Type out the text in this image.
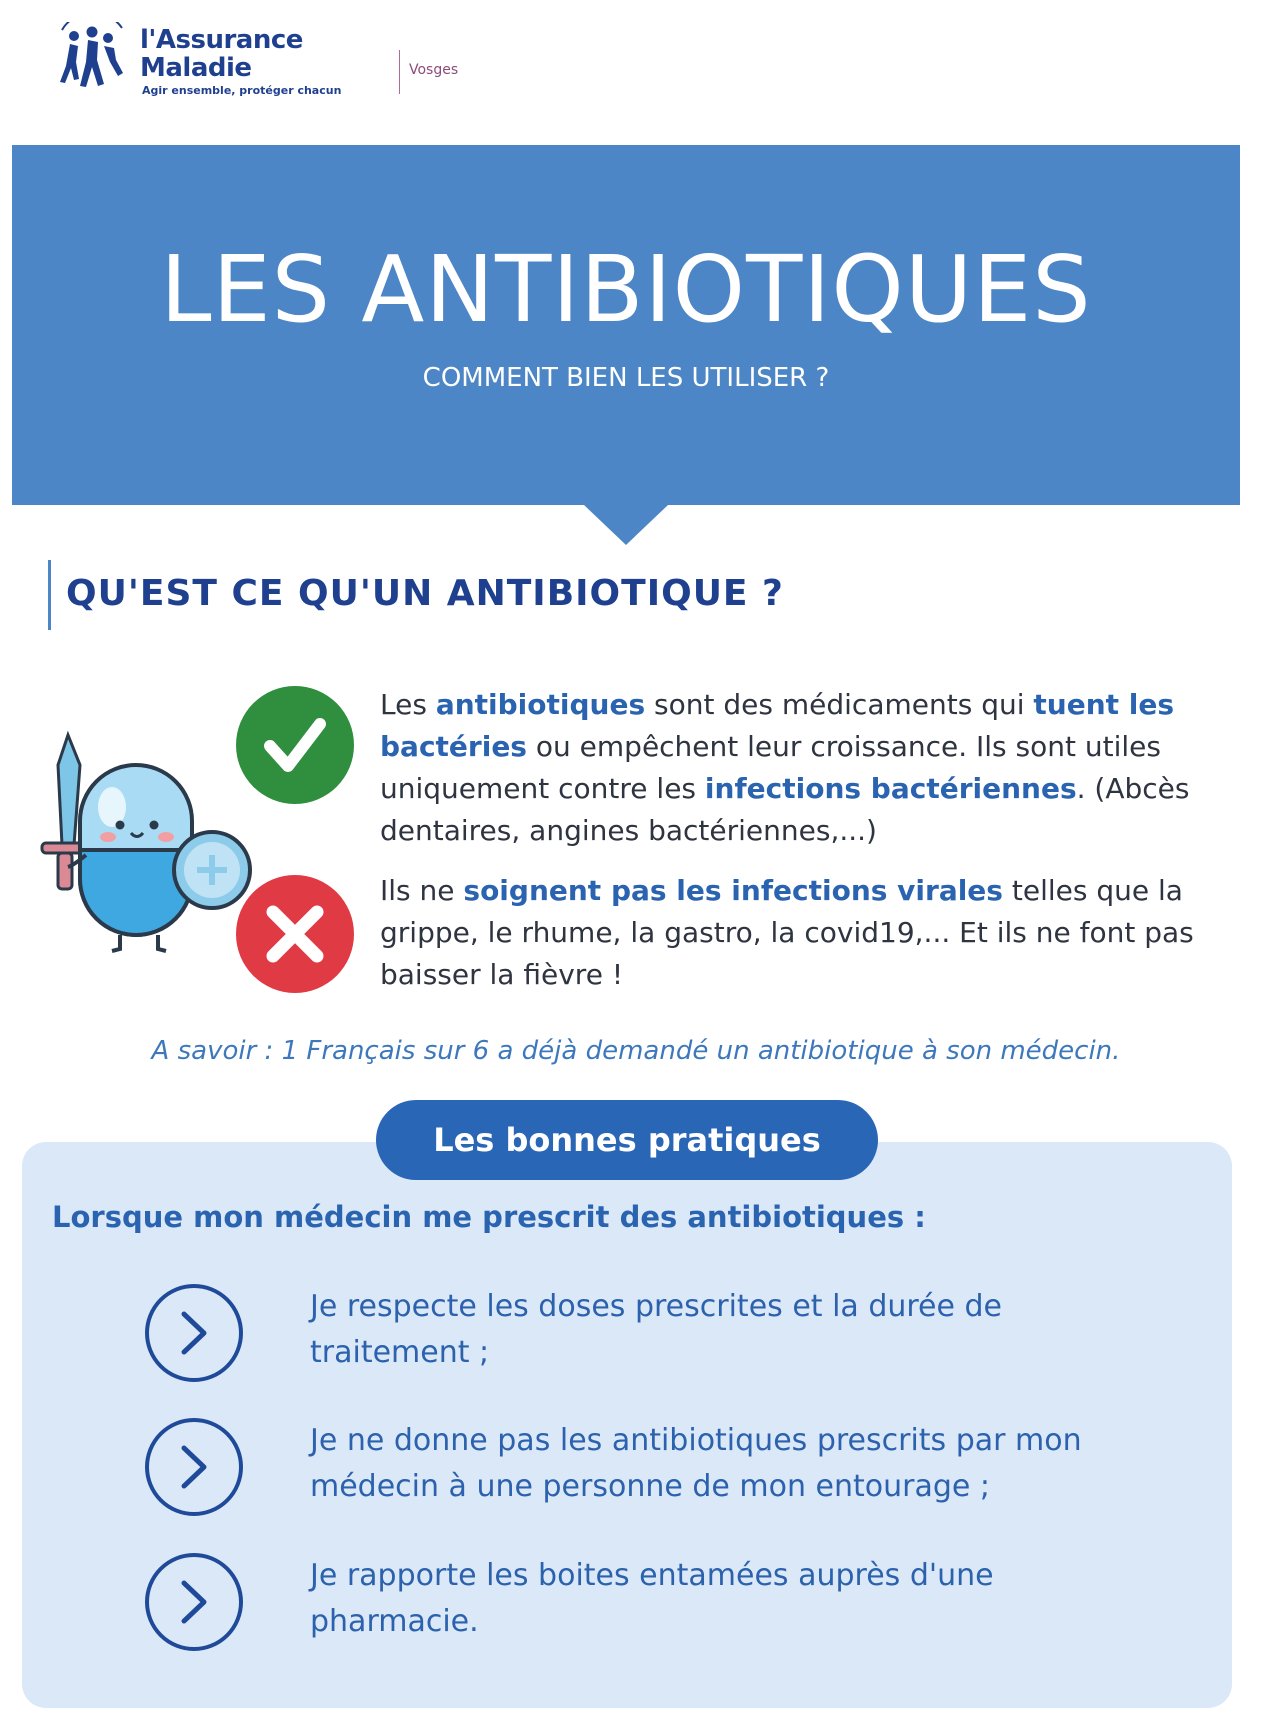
l'Assurance
Maladie
Agir ensemble, protéger chacun
Vosges
LES ANTIBIOTIQUES
COMMENT BIEN LES UTILISER ?
QU'EST CE QU'UN ANTIBIOTIQUE ?
Les antibiotiques sont des médicaments qui tuent les bactéries ou empêchent leur croissance. Ils sont utiles uniquement contre les infections bactériennes. (Abcès dentaires, angines bactériennes,...)
Ils ne soignent pas les infections virales telles que la grippe, le rhume, la gastro, la covid19,... Et ils ne font pas baisser la fièvre !
A savoir : 1 Français sur 6 a déjà demandé un antibiotique à son médecin.
Les bonnes pratiques
Lorsque mon médecin me prescrit des antibiotiques :
Je respecte les doses prescrites et la durée de traitement ;
Je ne donne pas les antibiotiques prescrits par mon médecin à une personne de mon entourage ;
Je rapporte les boites entamées auprès d'une pharmacie.
